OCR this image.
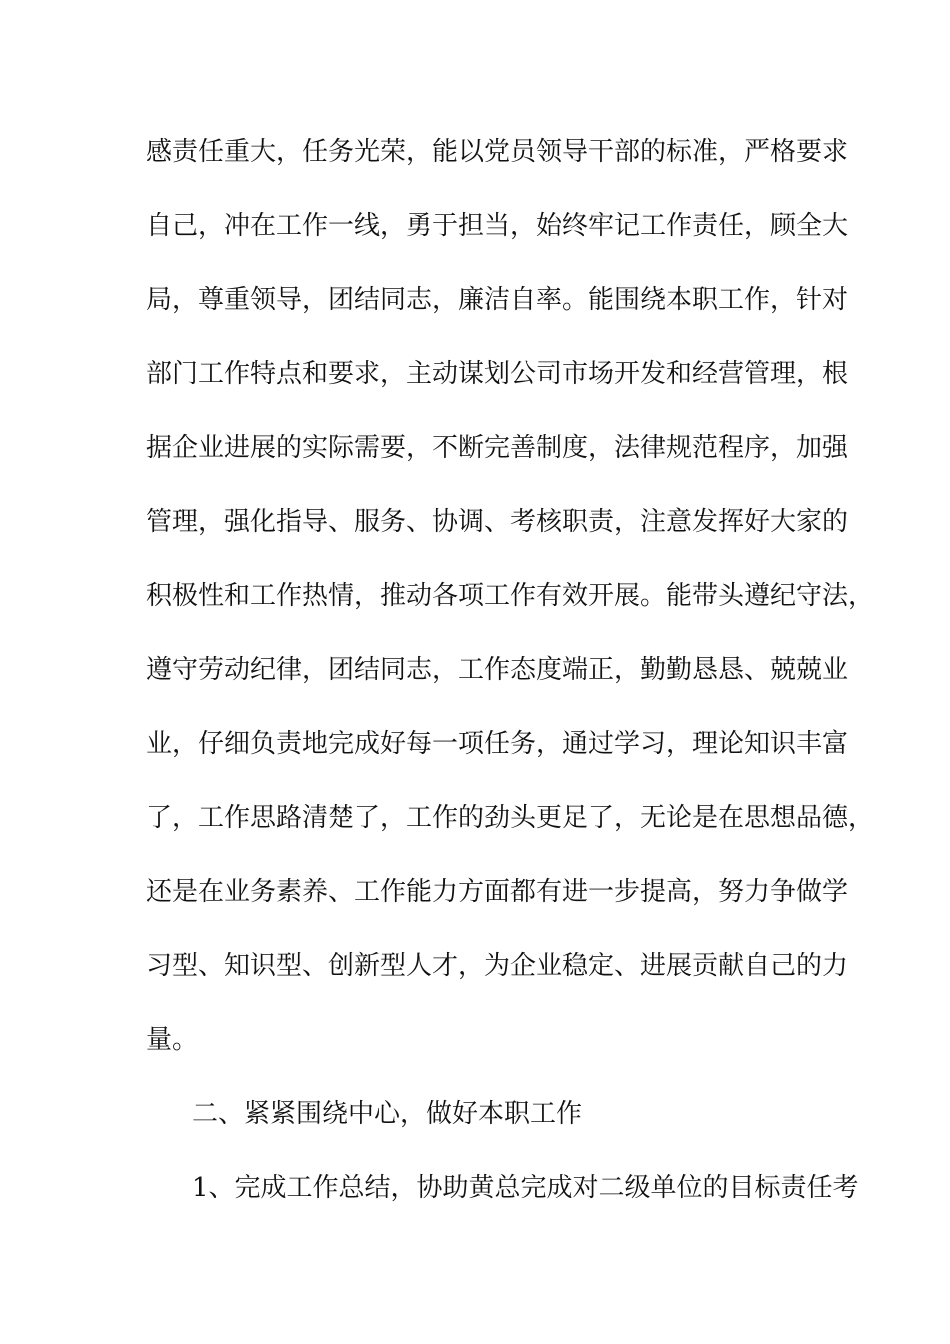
感责任重大，任务光荣，能以党员领导干部的标准，严格要求
自己，冲在工作一线，勇于担当，始终牢记工作责任，顾全大
局，尊重领导，团结同志，廉洁自率。能围绕本职工作，针对
部门工作特点和要求，主动谋划公司市场开发和经营管理，根
据企业进展的实际需要，不断完善制度，法律规范程序，加强
管理，强化指导、服务、协调、考核职责，注意发挥好大家的
积极性和工作热情，推动各项工作有效开展。能带头遵纪守法，
遵守劳动纪律，团结同志，工作态度端正，勤勤恳恳、兢兢业
业，仔细负责地完成好每一项任务，通过学习，理论知识丰富
了，工作思路清楚了，工作的劲头更足了，无论是在思想品德，
还是在业务素养、工作能力方面都有进一步提高，努力争做学
习型、知识型、创新型人才，为企业稳定、进展贡献自己的力
量。
二、紧紧围绕中心，做好本职工作
1、完成工作总结，协助黄总完成对二级单位的目标责任考
